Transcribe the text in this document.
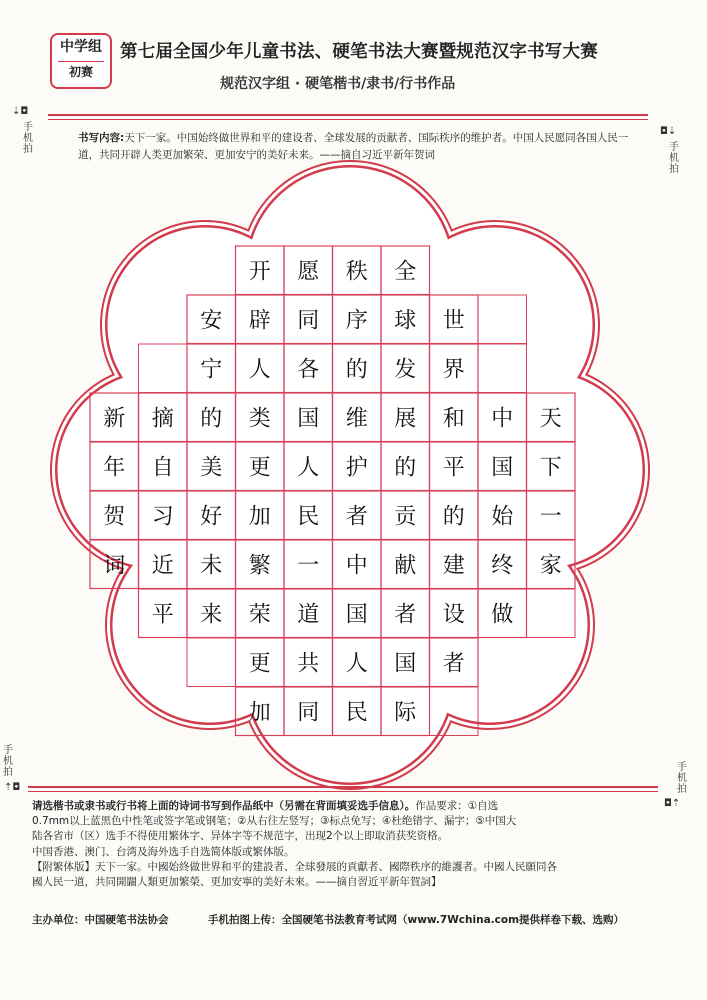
中学组
初赛
第七届全国少年儿童书法、硬笔书法大赛暨规范汉字书写大赛
规范汉字组 · 硬笔楷书/隶书/行书作品
⇣◘
手机拍
◘⇣
手机拍
书写内容:天下一家。中国始终做世界和平的建设者、全球发展的贡献者、国际秩序的维护者。中国人民愿同各国人民一道，共同开辟人类更加繁荣、更加安宁的美好未来。——摘自习近平新年贺词
新 摘 的 类 国 维 展 和 中 天
年 自 美 更 人 护 的 平 国 下
贺 习 好 加 民 者 贡 的 始 一
词 近 未 繁 一 中 献 建 终 家
平 来 荣 道 国 者 设 做
开 愿 秩 全
安 辟 同 序 球 世
宁 人 各 的 发 界
更 共 人 国 者
加 同 民 际
手机拍
⇡◘
手机拍
◘⇡

请选楷书或隶书或行书将上面的诗词书写到作品纸中（另需在背面填妥选手信息）。作品要求：①自选

0.7mm以上蓝黑色中性笔或签字笔或钢笔；②从右往左竖写；③标点免写；④杜绝错字、漏字；⑤中国大

陆各省市（区）选手不得使用繁体字、异体字等不规范字，出现2个以上即取消获奖资格。

中国香港、澳门、台湾及海外选手自选简体版或繁体版。

【附繁体版】天下一家。中國始終做世界和平的建設者、全球發展的貢獻者、國際秩序的維護者。中國人民願同各

國人民一道，共同開闢人類更加繁榮、更加安寧的美好未來。——摘自習近平新年賀詞】

主办单位：中国硬笔书法协会	手机拍图上传：全国硬笔书法教育考试网（www.7Wchina.com提供样卷下载、选购）
